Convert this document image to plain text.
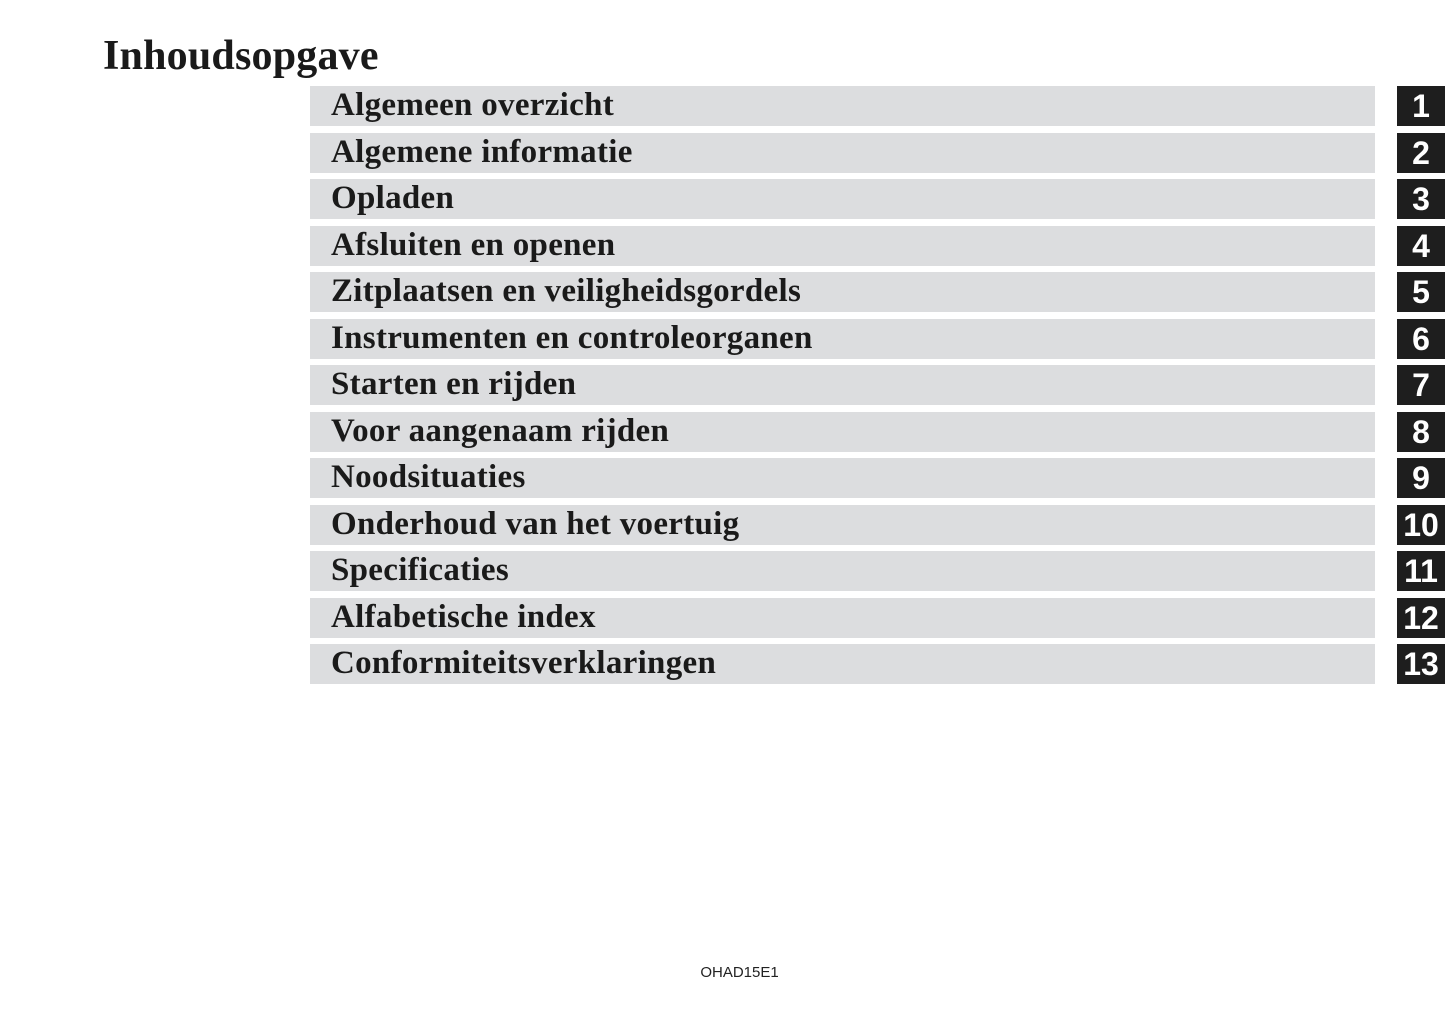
Inhoudsopgave
Algemeen overzicht	1
Algemene informatie	2
Opladen	3
Afsluiten en openen	4
Zitplaatsen en veiligheidsgordels	5
Instrumenten en controleorganen	6
Starten en rijden	7
Voor aangenaam rijden	8
Noodsituaties	9
Onderhoud van het voertuig	10
Specificaties	11
Alfabetische index	12
Conformiteitsverklaringen	13
OHAD15E1
